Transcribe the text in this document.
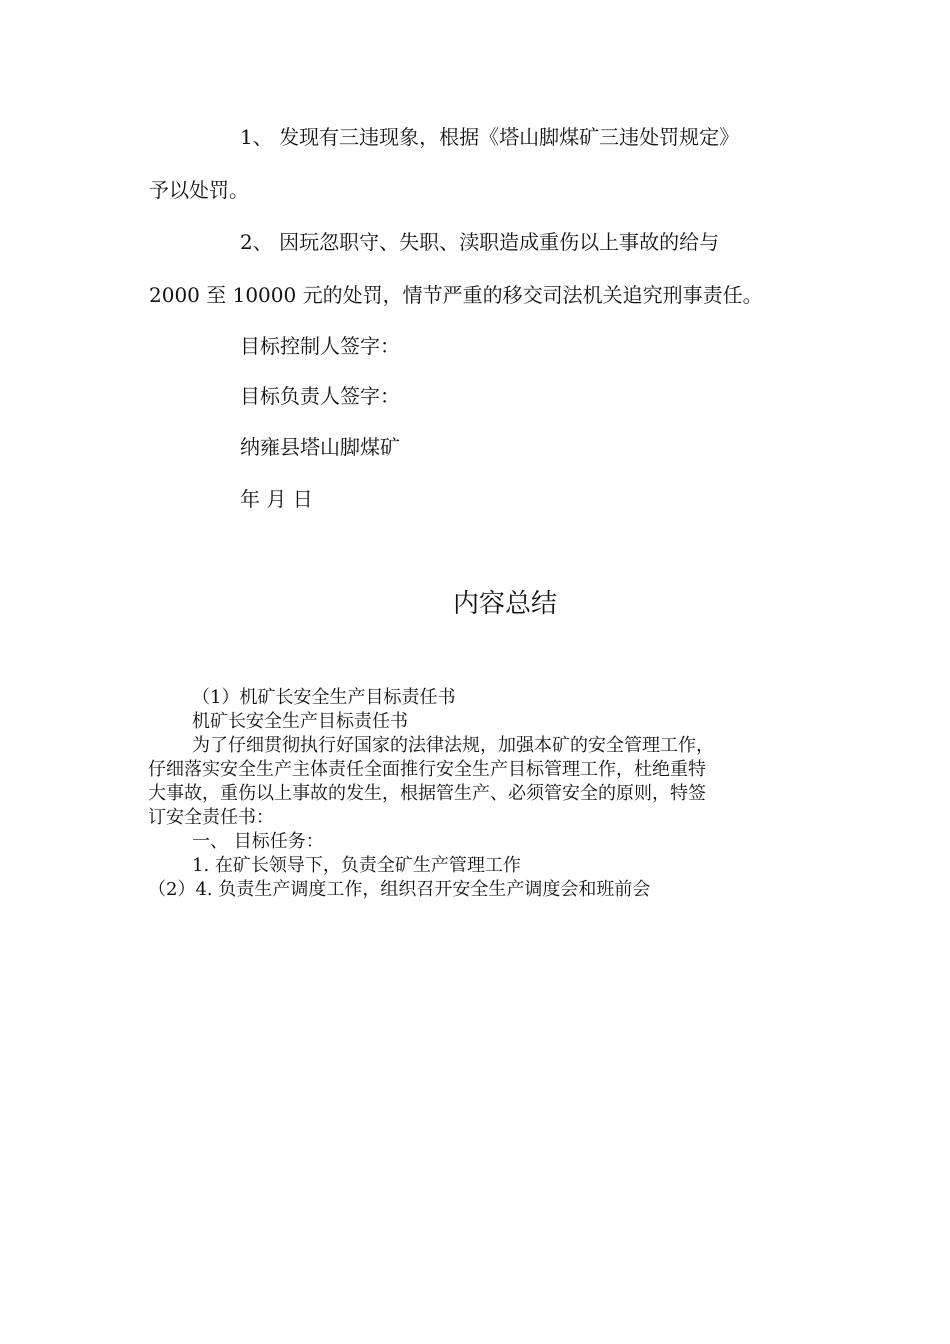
1、 发现有三违现象，根据《塔山脚煤矿三违处罚规定》
予以处罚。
2、 因玩忽职守、失职、渎职造成重伤以上事故的给与
2000 至 10000 元的处罚，情节严重的移交司法机关追究刑事责任。
目标控制人签字：
目标负责人签字：
纳雍县塔山脚煤矿
年 月 日
内容总结
（1）机矿长安全生产目标责任书
机矿长安全生产目标责任书
为了仔细贯彻执行好国家的法律法规，加强本矿的安全管理工作，
仔细落实安全生产主体责任全面推行安全生产目标管理工作，杜绝重特
大事故，重伤以上事故的发生，根据管生产、必须管安全的原则，特签
订安全责任书：
一、 目标任务：
1. 在矿长领导下，负责全矿生产管理工作
（2）4. 负责生产调度工作，组织召开安全生产调度会和班前会
